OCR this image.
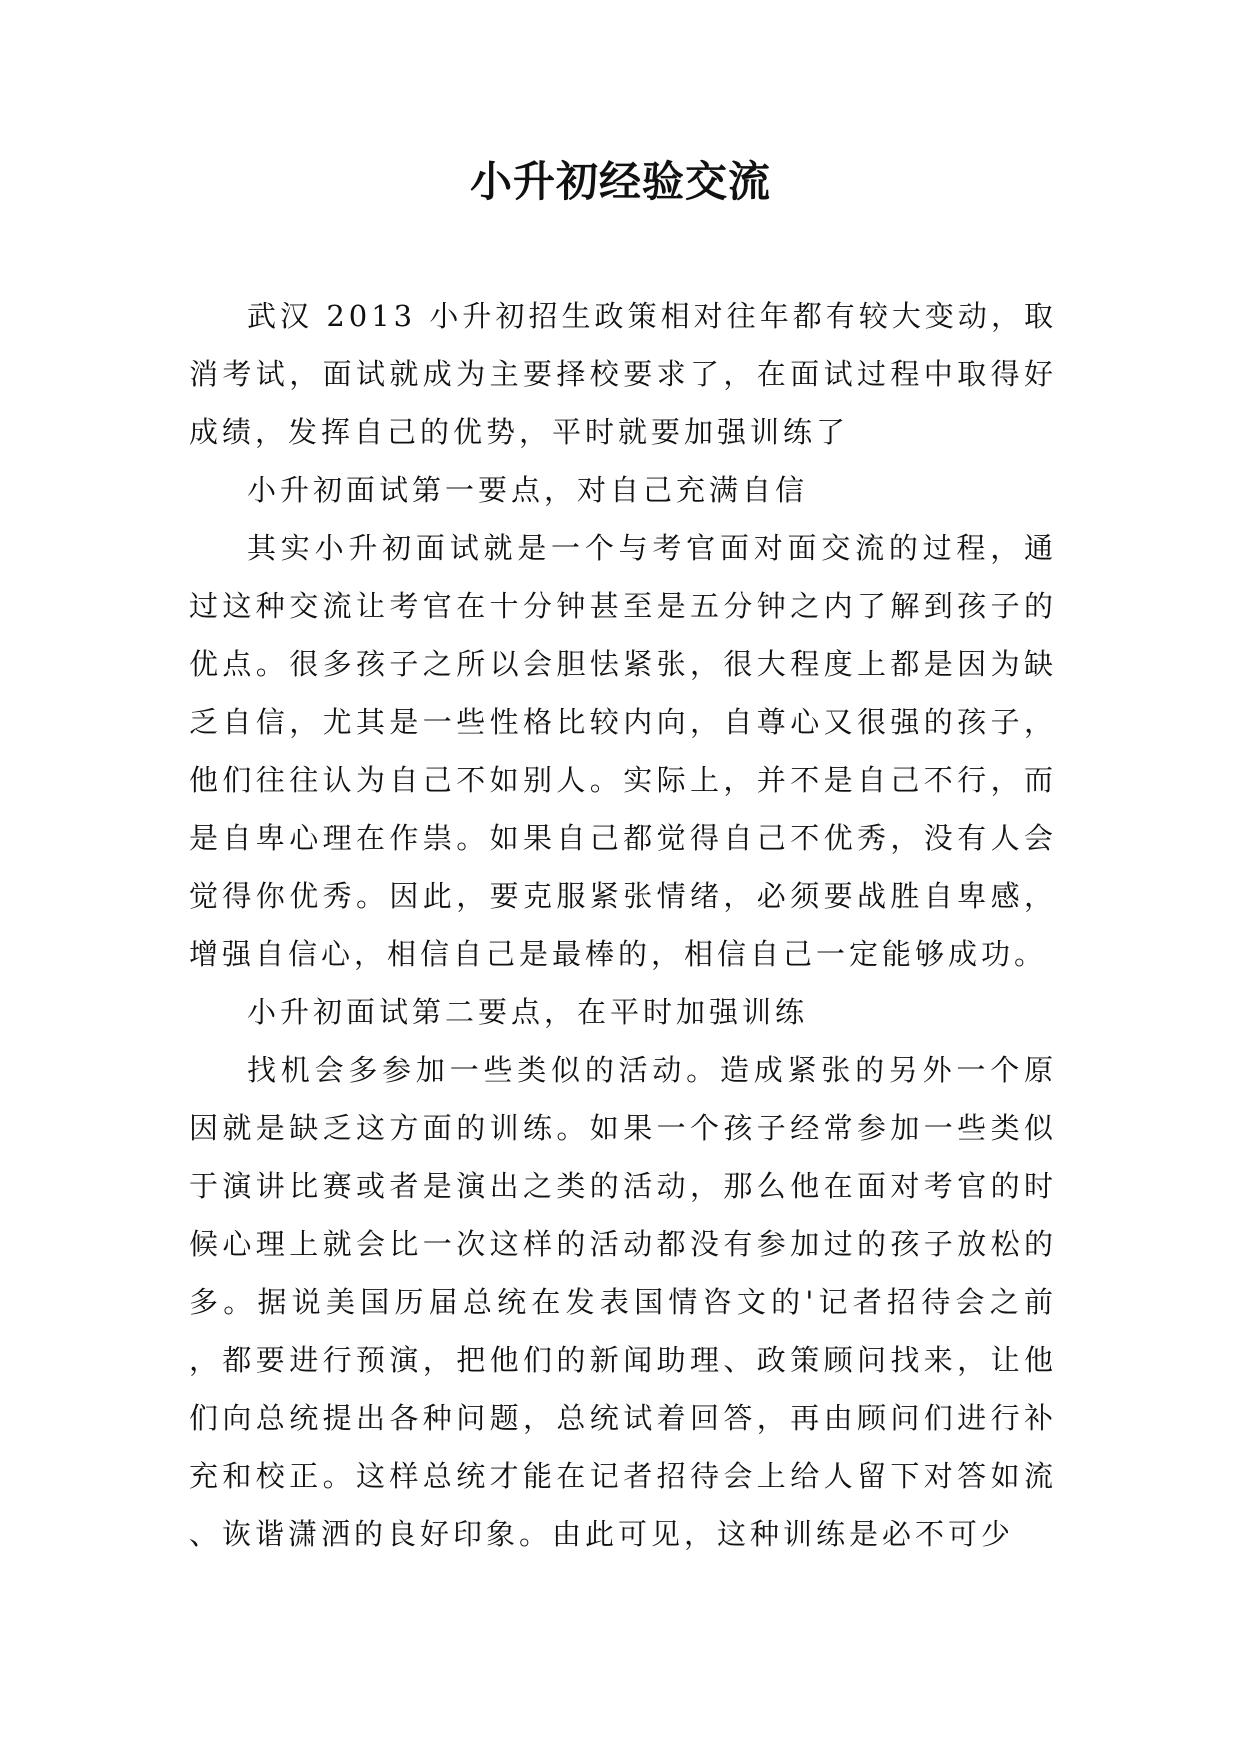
小升初经验交流

武汉 2013 小升初招生政策相对往年都有较大变动，取消考试，面试就成为主要择校要求了，在面试过程中取得好成绩，发挥自己的优势，平时就要加强训练了

小升初面试第一要点，对自己充满自信

其实小升初面试就是一个与考官面对面交流的过程，通过这种交流让考官在十分钟甚至是五分钟之内了解到孩子的优点。很多孩子之所以会胆怯紧张，很大程度上都是因为缺乏自信，尤其是一些性格比较内向，自尊心又很强的孩子，他们往往认为自己不如别人。实际上，并不是自己不行，而是自卑心理在作祟。如果自己都觉得自己不优秀，没有人会觉得你优秀。因此，要克服紧张情绪，必须要战胜自卑感，增强自信心，相信自己是最棒的，相信自己一定能够成功。

小升初面试第二要点，在平时加强训练

找机会多参加一些类似的活动。造成紧张的另外一个原因就是缺乏这方面的训练。如果一个孩子经常参加一些类似于演讲比赛或者是演出之类的活动，那么他在面对考官的时候心理上就会比一次这样的活动都没有参加过的孩子放松的多。据说美国历届总统在发表国情咨文的'记者招待会之前，都要进行预演，把他们的新闻助理、政策顾问找来，让他们向总统提出各种问题，总统试着回答，再由顾问们进行补充和校正。这样总统才能在记者招待会上给人留下对答如流、诙谐潇洒的良好印象。由此可见，这种训练是必不可少
